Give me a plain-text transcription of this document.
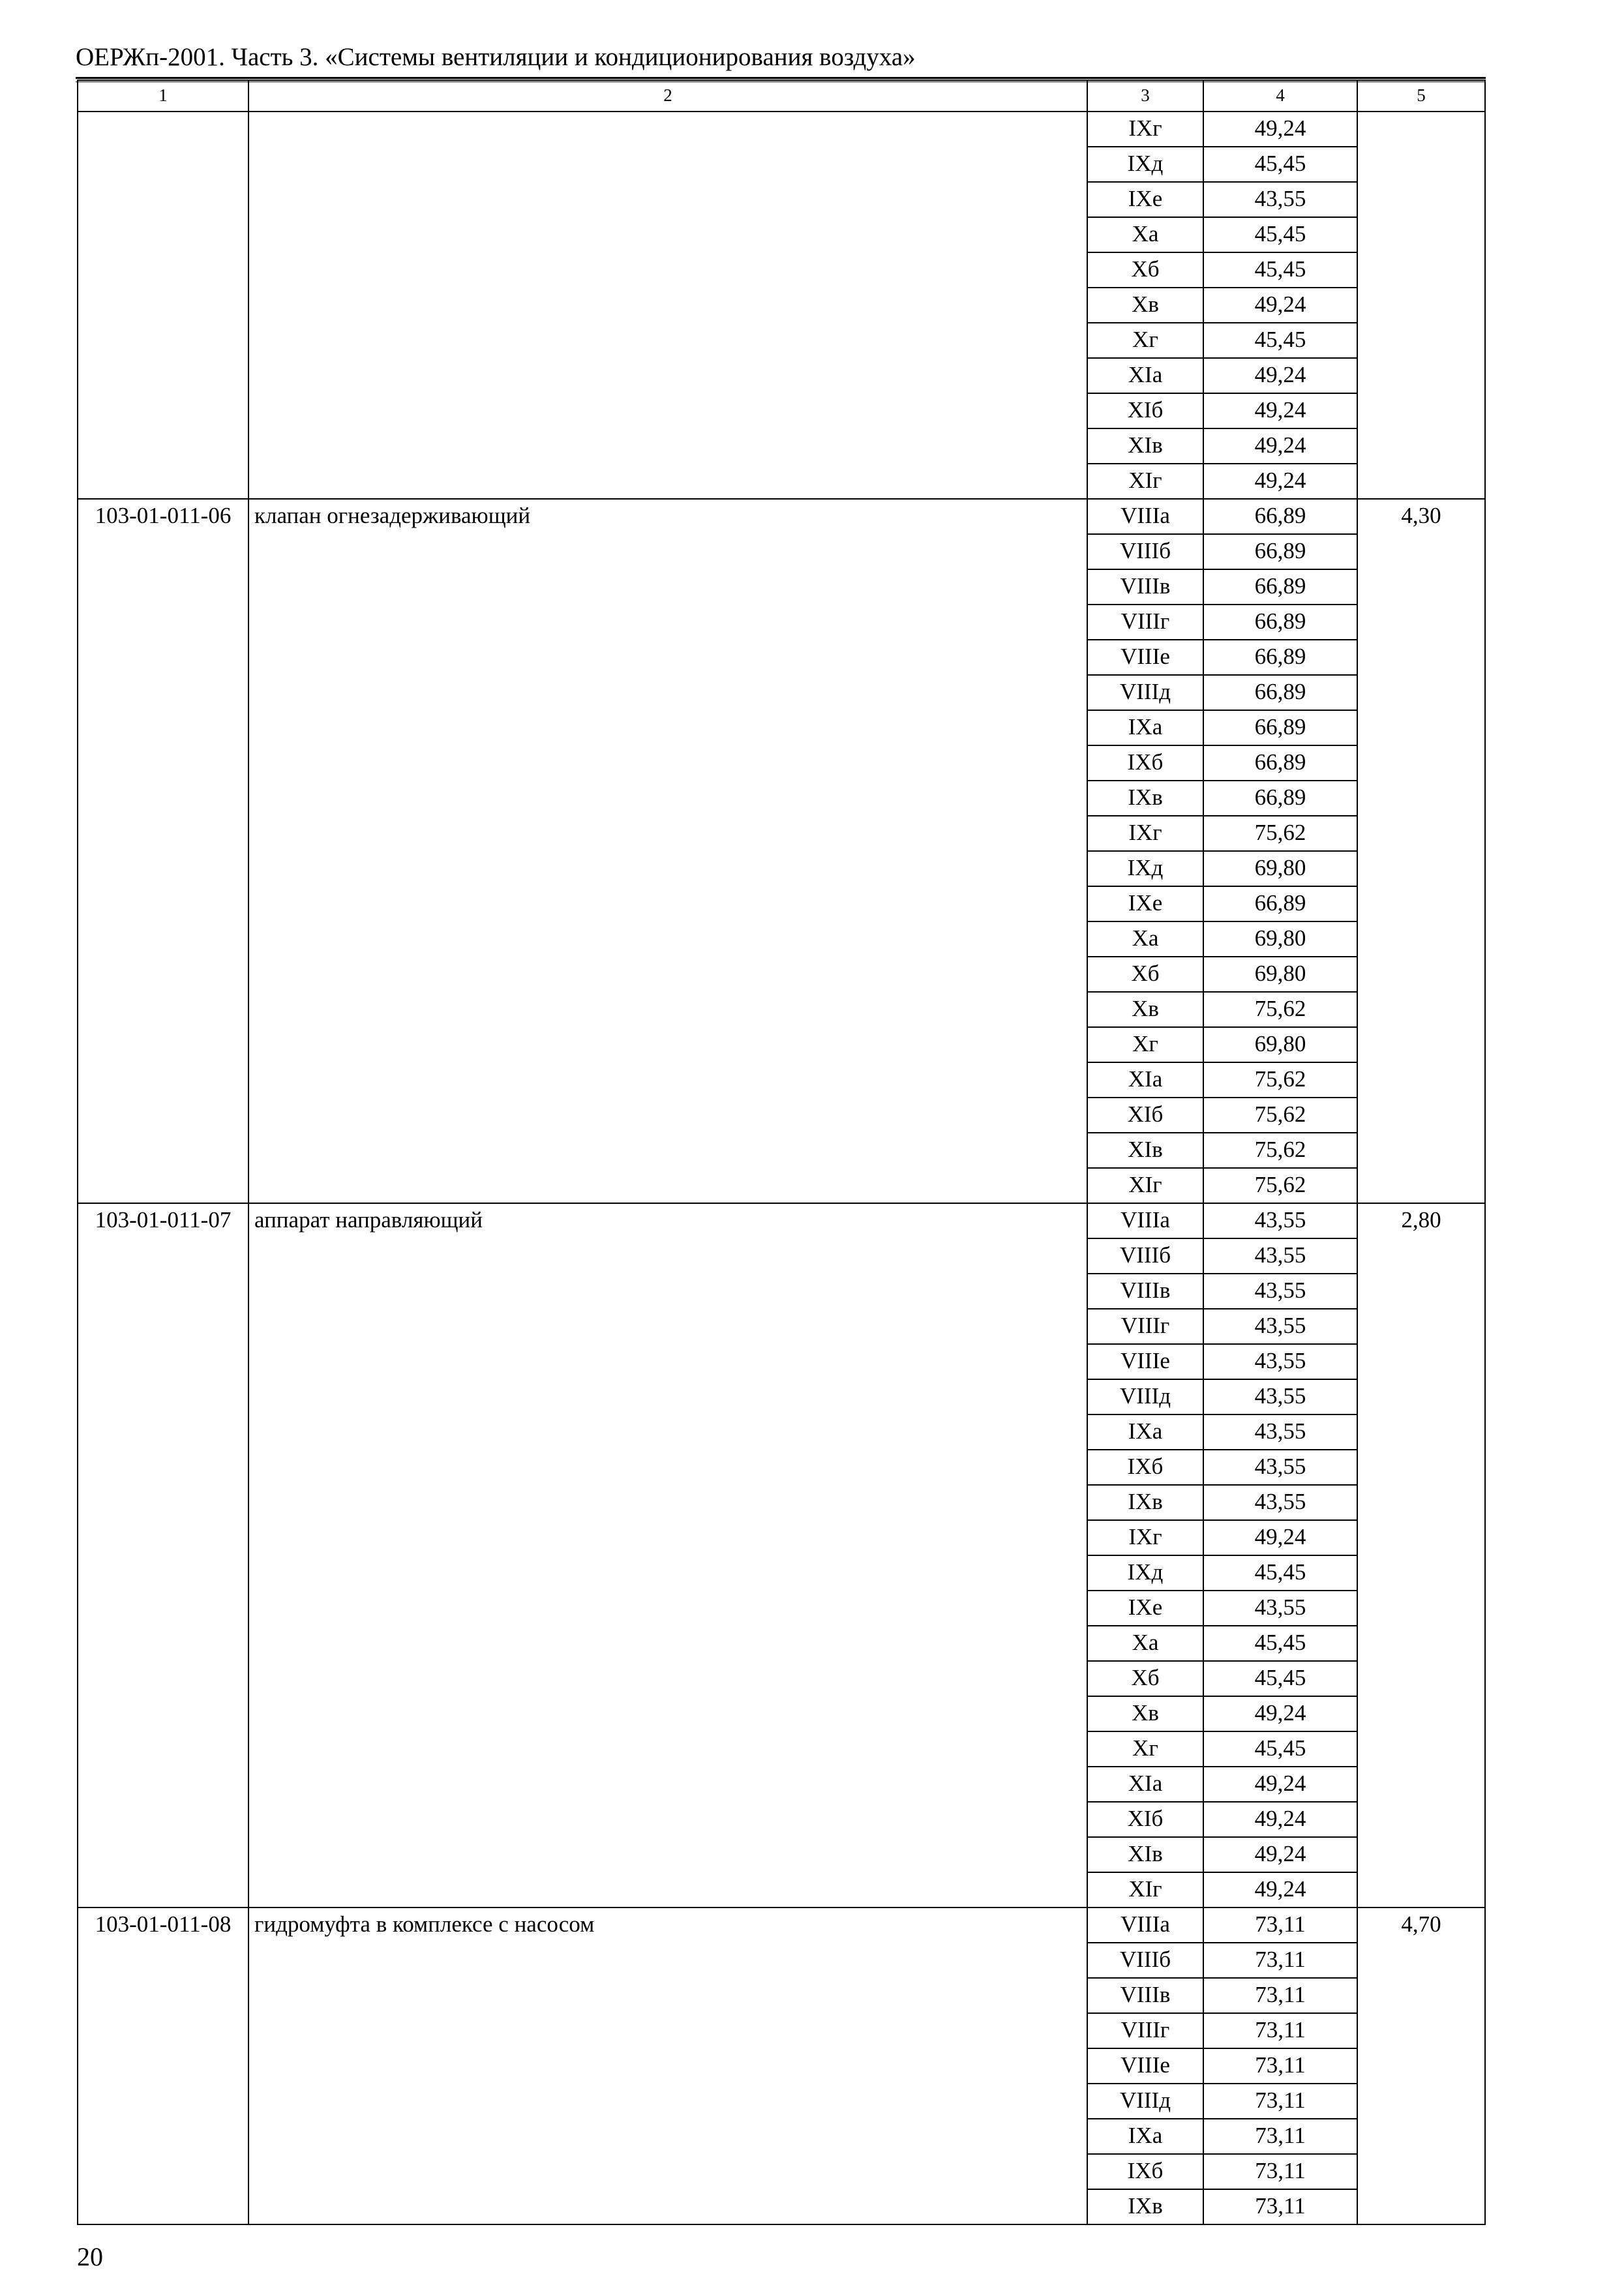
ОЕРЖп-2001. Часть 3. «Системы вентиляции и кондиционирования воздуха»
1	2	3	4	5
		IXг	49,24	
		IXд	45,45	
		IXе	43,55	
		Xа	45,45	
		Xб	45,45	
		Xв	49,24	
		Xг	45,45	
		XIа	49,24	
		XIб	49,24	
		XIв	49,24	
		XIг	49,24	
103-01-011-06	клапан огнезадерживающий	VIIIа	66,89	4,30
		VIIIб	66,89	
		VIIIв	66,89	
		VIIIг	66,89	
		VIIIе	66,89	
		VIIIд	66,89	
		IXа	66,89	
		IXб	66,89	
		IXв	66,89	
		IXг	75,62	
		IXд	69,80	
		IXе	66,89	
		Xа	69,80	
		Xб	69,80	
		Xв	75,62	
		Xг	69,80	
		XIа	75,62	
		XIб	75,62	
		XIв	75,62	
		XIг	75,62	
103-01-011-07	аппарат направляющий	VIIIа	43,55	2,80
		VIIIб	43,55	
		VIIIв	43,55	
		VIIIг	43,55	
		VIIIе	43,55	
		VIIIд	43,55	
		IXа	43,55	
		IXб	43,55	
		IXв	43,55	
		IXг	49,24	
		IXд	45,45	
		IXе	43,55	
		Xа	45,45	
		Xб	45,45	
		Xв	49,24	
		Xг	45,45	
		XIа	49,24	
		XIб	49,24	
		XIв	49,24	
		XIг	49,24	
103-01-011-08	гидромуфта в комплексе с насосом	VIIIа	73,11	4,70
		VIIIб	73,11	
		VIIIв	73,11	
		VIIIг	73,11	
		VIIIе	73,11	
		VIIIд	73,11	
		IXа	73,11	
		IXб	73,11	
		IXв	73,11	
20
